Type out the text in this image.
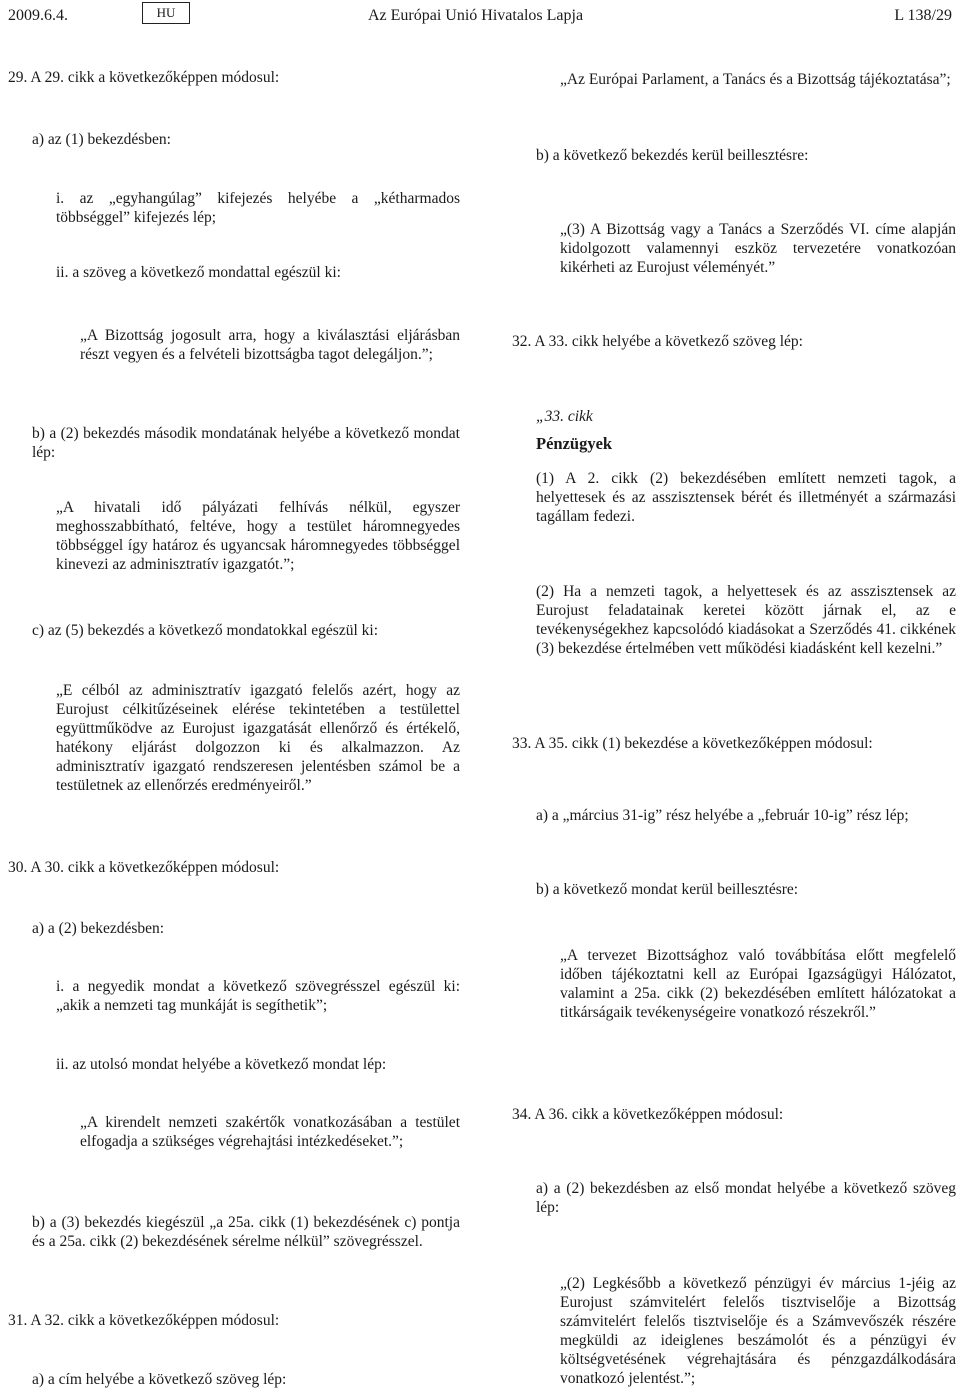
2009.6.4.	HU	Az Európai Unió Hivatalos Lapja	L 138/29

29. A 29. cikk a következőképpen módosul:

a) az (1) bekezdésben:

i. az „egyhangúlag” kifejezés helyébe a „kétharmados többséggel” kifejezés lép;

ii. a szöveg a következő mondattal egészül ki:

„A Bizottság jogosult arra, hogy a kiválasztási eljárásban részt vegyen és a felvételi bizottságba tagot delegáljon.”;

b) a (2) bekezdés második mondatának helyébe a következő mondat lép:

„A hivatali idő pályázati felhívás nélkül, egyszer meghosszabbítható, feltéve, hogy a testület háromnegyedes többséggel így határoz és ugyancsak háromnegyedes többséggel kinevezi az adminisztratív igazgatót.”;

c) az (5) bekezdés a következő mondatokkal egészül ki:

„E célból az adminisztratív igazgató felelős azért, hogy az Eurojust célkitűzéseinek elérése tekintetében a testülettel együttműködve az Eurojust igazgatását ellenőrző és értékelő, hatékony eljárást dolgozzon ki és alkalmazzon. Az adminisztratív igazgató rendszeresen jelentésben számol be a testületnek az ellenőrzés eredményeiről.”

30. A 30. cikk a következőképpen módosul:

a) a (2) bekezdésben:

i. a negyedik mondat a következő szövegrésszel egészül ki: „akik a nemzeti tag munkáját is segíthetik”;

ii. az utolsó mondat helyébe a következő mondat lép:

„A kirendelt nemzeti szakértők vonatkozásában a testület elfogadja a szükséges végrehajtási intézkedéseket.”;

b) a (3) bekezdés kiegészül „a 25a. cikk (1) bekezdésének c) pontja és a 25a. cikk (2) bekezdésének sérelme nélkül” szövegrésszel.

31. A 32. cikk a következőképpen módosul:

a) a cím helyébe a következő szöveg lép:

„Az Európai Parlament, a Tanács és a Bizottság tájékoztatása”;

b) a következő bekezdés kerül beillesztésre:

„(3) A Bizottság vagy a Tanács a Szerződés VI. címe alapján kidolgozott valamennyi eszköz tervezetére vonatkozóan kikérheti az Eurojust véleményét.”

32. A 33. cikk helyébe a következő szöveg lép:

„33. cikk

Pénzügyek

(1) A 2. cikk (2) bekezdésében említett nemzeti tagok, a helyettesek és az asszisztensek bérét és illetményét a származási tagállam fedezi.

(2) Ha a nemzeti tagok, a helyettesek és az asszisztensek az Eurojust feladatainak keretei között járnak el, az e tevékenységekhez kapcsolódó kiadásokat a Szerződés 41. cikkének (3) bekezdése értelmében vett működési kiadásként kell kezelni.”

33. A 35. cikk (1) bekezdése a következőképpen módosul:

a) a „március 31-ig” rész helyébe a „február 10-ig” rész lép;

b) a következő mondat kerül beillesztésre:

„A tervezet Bizottsághoz való továbbítása előtt megfelelő időben tájékoztatni kell az Európai Igazságügyi Hálózatot, valamint a 25a. cikk (2) bekezdésében említett hálózatokat a titkárságaik tevékenységeire vonatkozó részekről.”

34. A 36. cikk a következőképpen módosul:

a) a (2) bekezdésben az első mondat helyébe a következő szöveg lép:

„(2) Legkésőbb a következő pénzügyi év március 1-jéig az Eurojust számvitelért felelős tisztviselője a Bizottság számvitelért felelős tisztviselője és a Számvevőszék részére megküldi az ideiglenes beszámolót és a pénzügyi év költségvetésének végrehajtására és pénzgazdálkodására vonatkozó jelentést.”;
